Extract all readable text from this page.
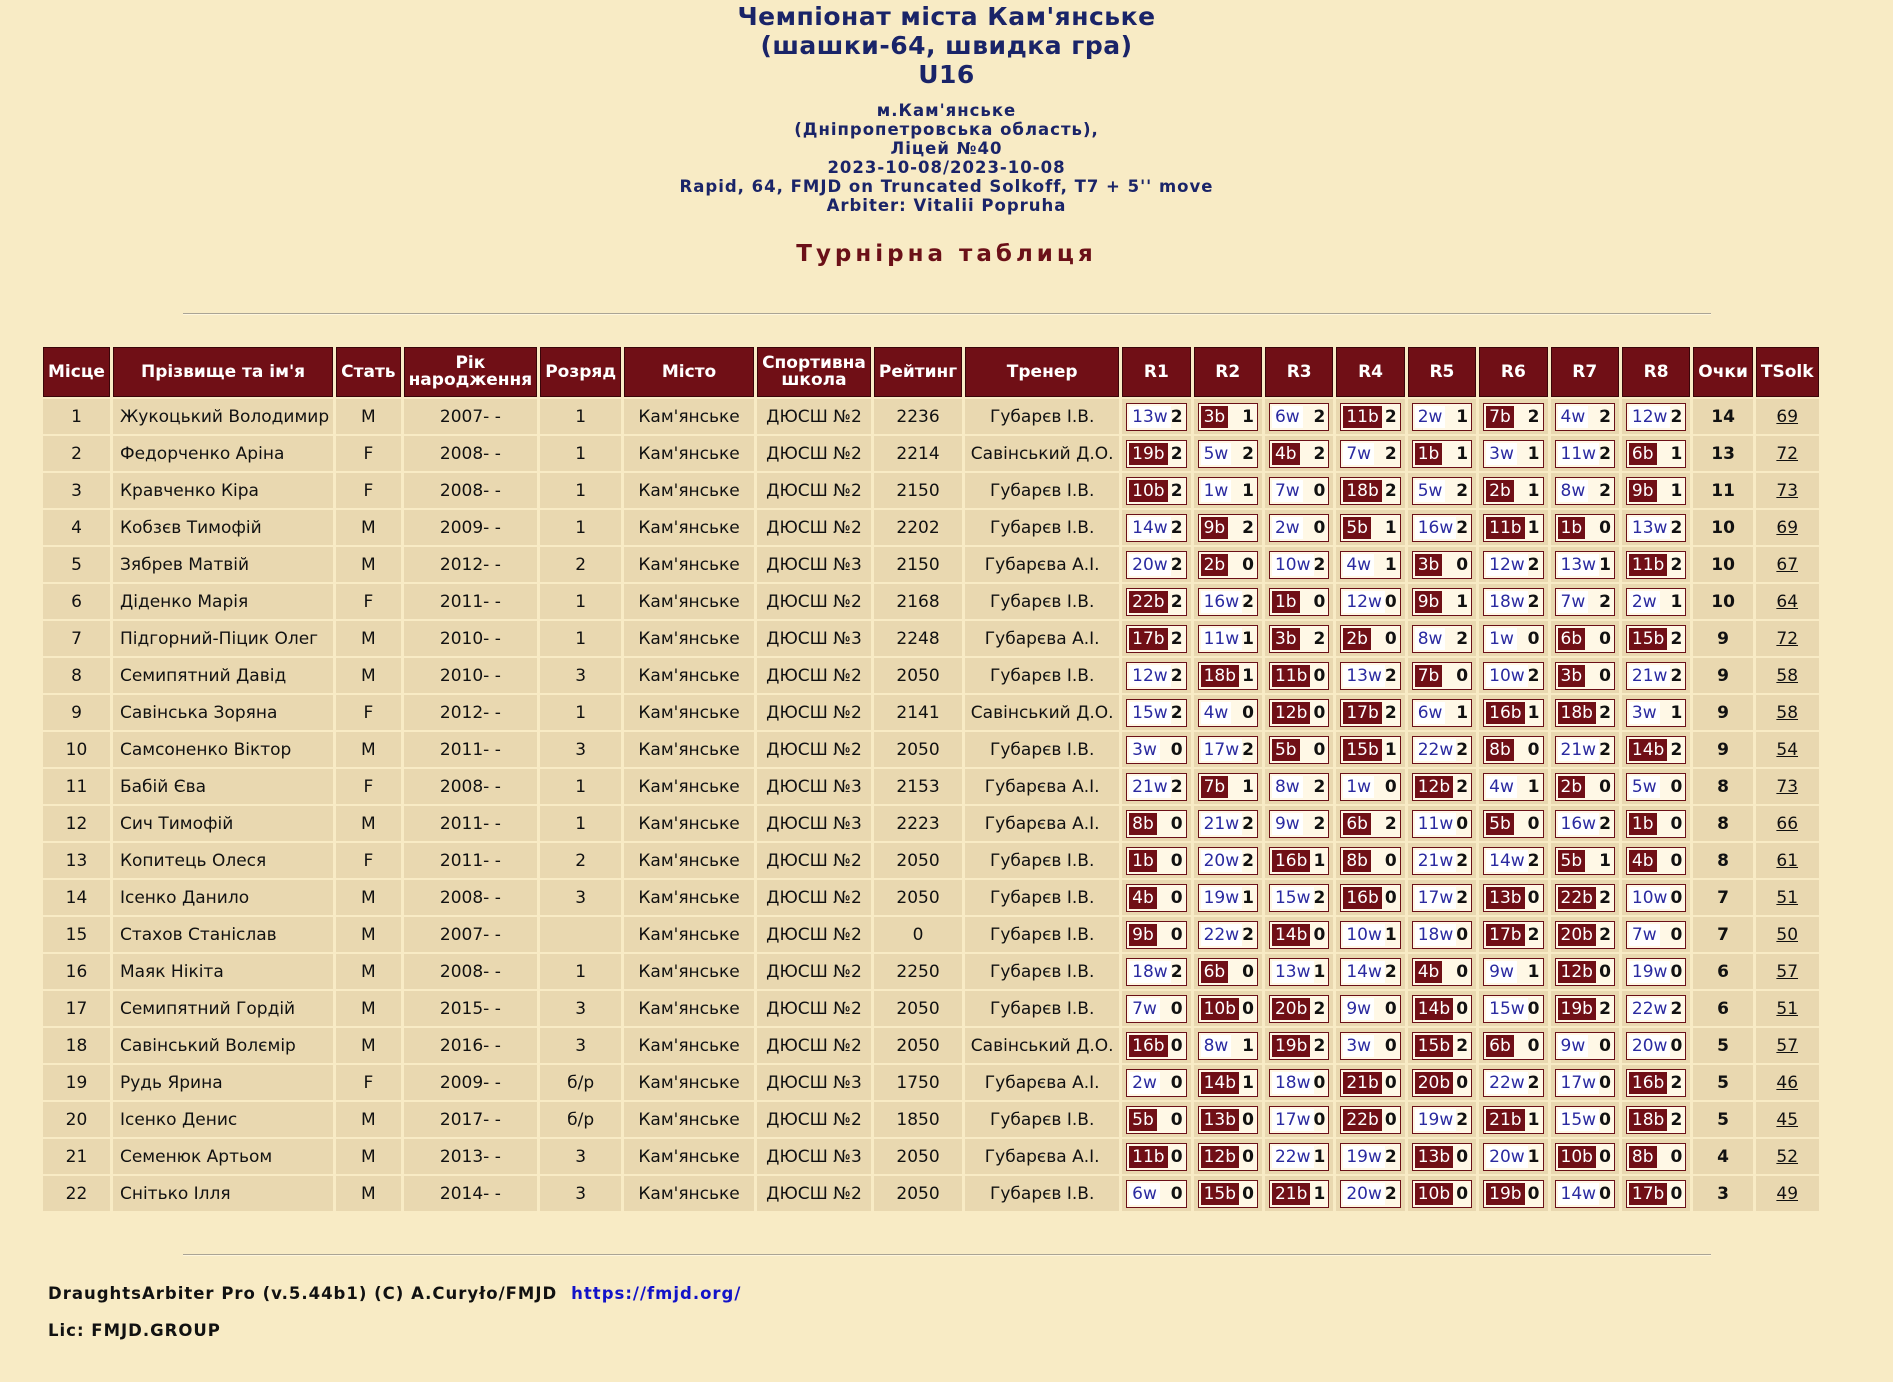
Чемпіонат міста Кам'янське
(шашки-64, швидка гра)
U16
м.Кам'янське
(Дніпропетровська область),
Ліцей №40
2023-10-08/2023-10-08
Rapid, 64, FMJD on Truncated Solkoff, T7 + 5'' move
Arbiter: Vitalii Popruha
Турнірна таблиця
Місце	Прізвище та ім'я	Стать	Рік народження	Розряд	Місто	Спортивна школа	Рейтинг	Тренер	R1	R2	R3	R4	R5	R6	R7	R8	Очки	TSolk
1	Жукоцький Володимир	M	2007- -	1	Кам'янське	ДЮСШ №2	2236	Губарєв І.В.	13w 2	3b 1	6w 2	11b 2	2w 1	7b 2	4w 2	12w 2	14	69
2	Федорченко Аріна	F	2008- -	1	Кам'янське	ДЮСШ №2	2214	Савінський Д.О.	19b 2	5w 2	4b 2	7w 2	1b 1	3w 1	11w 2	6b 1	13	72
3	Кравченко Кіра	F	2008- -	1	Кам'янське	ДЮСШ №2	2150	Губарєв І.В.	10b 2	1w 1	7w 0	18b 2	5w 2	2b 1	8w 2	9b 1	11	73
4	Кобзєв Тимофій	M	2009- -	1	Кам'янське	ДЮСШ №2	2202	Губарєв І.В.	14w 2	9b 2	2w 0	5b 1	16w 2	11b 1	1b 0	13w 2	10	69
5	Зябрев Матвій	M	2012- -	2	Кам'янське	ДЮСШ №3	2150	Губарєва А.І.	20w 2	2b 0	10w 2	4w 1	3b 0	12w 2	13w 1	11b 2	10	67
6	Діденко Марія	F	2011- -	1	Кам'янське	ДЮСШ №2	2168	Губарєв І.В.	22b 2	16w 2	1b 0	12w 0	9b 1	18w 2	7w 2	2w 1	10	64
7	Підгорний-Піцик Олег	M	2010- -	1	Кам'янське	ДЮСШ №3	2248	Губарєва А.І.	17b 2	11w 1	3b 2	2b 0	8w 2	1w 0	6b 0	15b 2	9	72
8	Семипятний Давід	M	2010- -	3	Кам'янське	ДЮСШ №2	2050	Губарєв І.В.	12w 2	18b 1	11b 0	13w 2	7b 0	10w 2	3b 0	21w 2	9	58
9	Савінська Зоряна	F	2012- -	1	Кам'янське	ДЮСШ №2	2141	Савінський Д.О.	15w 2	4w 0	12b 0	17b 2	6w 1	16b 1	18b 2	3w 1	9	58
10	Самсоненко Віктор	M	2011- -	3	Кам'янське	ДЮСШ №2	2050	Губарєв І.В.	3w 0	17w 2	5b 0	15b 1	22w 2	8b 0	21w 2	14b 2	9	54
11	Бабій Єва	F	2008- -	1	Кам'янське	ДЮСШ №3	2153	Губарєва А.І.	21w 2	7b 1	8w 2	1w 0	12b 2	4w 1	2b 0	5w 0	8	73
12	Сич Тимофій	M	2011- -	1	Кам'янське	ДЮСШ №3	2223	Губарєва А.І.	8b 0	21w 2	9w 2	6b 2	11w 0	5b 0	16w 2	1b 0	8	66
13	Копитець Олеся	F	2011- -	2	Кам'янське	ДЮСШ №2	2050	Губарєв І.В.	1b 0	20w 2	16b 1	8b 0	21w 2	14w 2	5b 1	4b 0	8	61
14	Ісенко Данило	M	2008- -	3	Кам'янське	ДЮСШ №2	2050	Губарєв І.В.	4b 0	19w 1	15w 2	16b 0	17w 2	13b 0	22b 2	10w 0	7	51
15	Стахов Станіслав	M	2007- -		Кам'янське	ДЮСШ №2	0	Губарєв І.В.	9b 0	22w 2	14b 0	10w 1	18w 0	17b 2	20b 2	7w 0	7	50
16	Маяк Нікіта	M	2008- -	1	Кам'янське	ДЮСШ №2	2250	Губарєв І.В.	18w 2	6b 0	13w 1	14w 2	4b 0	9w 1	12b 0	19w 0	6	57
17	Семипятний Гордій	M	2015- -	3	Кам'янське	ДЮСШ №2	2050	Губарєв І.В.	7w 0	10b 0	20b 2	9w 0	14b 0	15w 0	19b 2	22w 2	6	51
18	Савінський Волємір	M	2016- -	3	Кам'янське	ДЮСШ №2	2050	Савінський Д.О.	16b 0	8w 1	19b 2	3w 0	15b 2	6b 0	9w 0	20w 0	5	57
19	Рудь Ярина	F	2009- -	б/р	Кам'янське	ДЮСШ №3	1750	Губарєва А.І.	2w 0	14b 1	18w 0	21b 0	20b 0	22w 2	17w 0	16b 2	5	46
20	Ісенко Денис	M	2017- -	б/р	Кам'янське	ДЮСШ №2	1850	Губарєв І.В.	5b 0	13b 0	17w 0	22b 0	19w 2	21b 1	15w 0	18b 2	5	45
21	Семенюк Артьом	M	2013- -	3	Кам'янське	ДЮСШ №3	2050	Губарєва А.І.	11b 0	12b 0	22w 1	19w 2	13b 0	20w 1	10b 0	8b 0	4	52
22	Снітько Ілля	M	2014- -	3	Кам'янське	ДЮСШ №2	2050	Губарєв І.В.	6w 0	15b 0	21b 1	20w 2	10b 0	19b 0	14w 0	17b 0	3	49
DraughtsArbiter Pro (v.5.44b1) (C) A.Curyło/FMJD https://fmjd.org/
Lic: FMJD.GROUP
